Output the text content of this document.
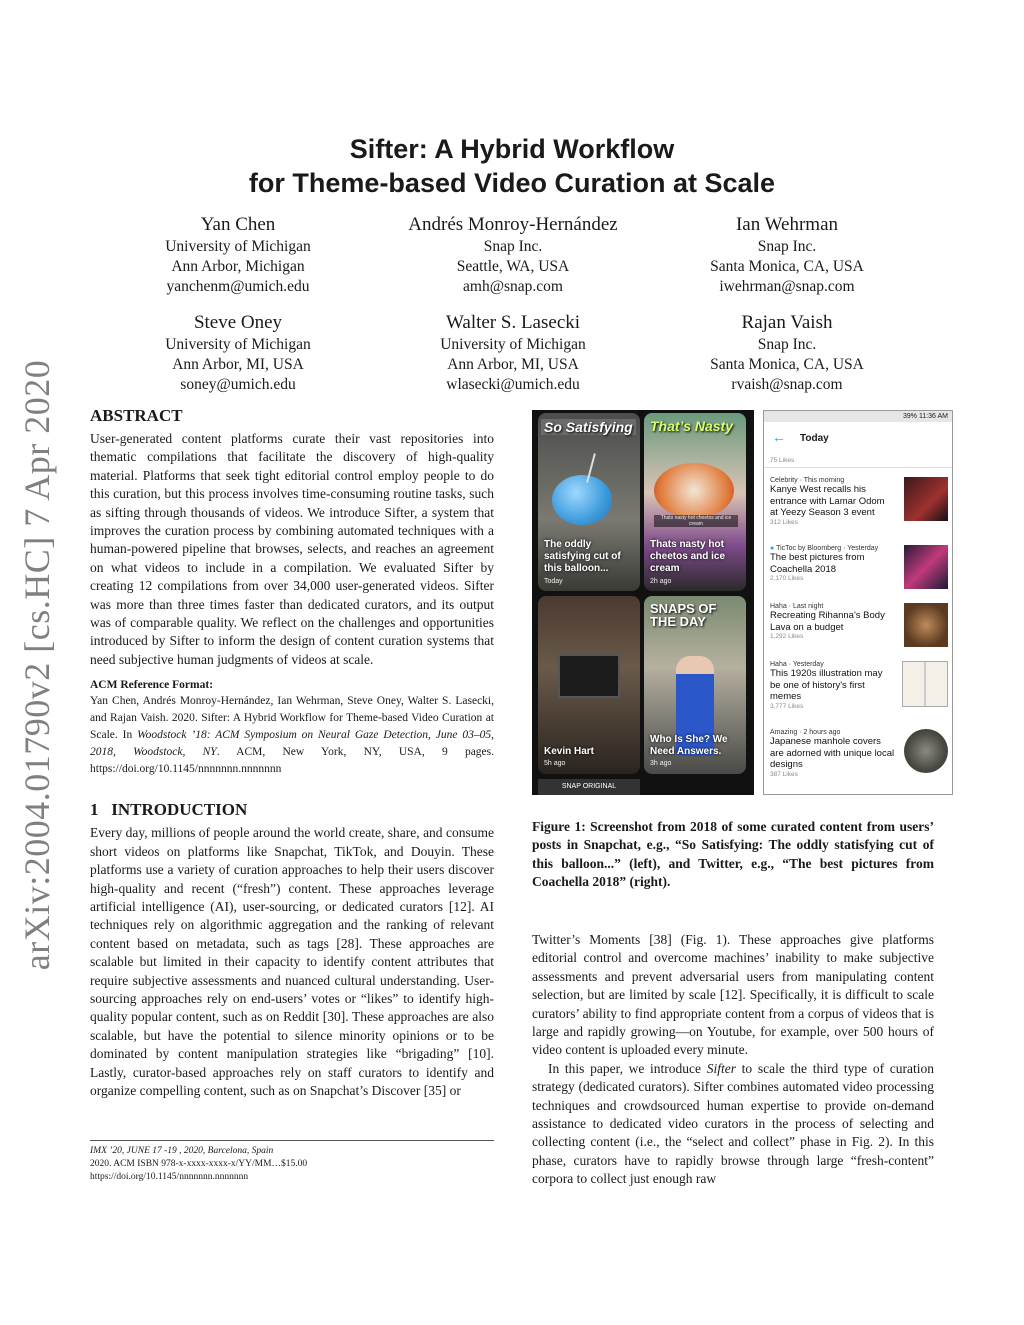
arXiv:2004.01790v2 [cs.HC] 7 Apr 2020
Sifter: A Hybrid Workflow
for Theme-based Video Curation at Scale
Yan Chen
University of Michigan
Ann Arbor, Michigan
yanchenm@umich.edu
Andrés Monroy-Hernández
Snap Inc.
Seattle, WA, USA
amh@snap.com
Ian Wehrman
Snap Inc.
Santa Monica, CA, USA
iwehrman@snap.com
Steve Oney
University of Michigan
Ann Arbor, MI, USA
soney@umich.edu
Walter S. Lasecki
University of Michigan
Ann Arbor, MI, USA
wlasecki@umich.edu
Rajan Vaish
Snap Inc.
Santa Monica, CA, USA
rvaish@snap.com
ABSTRACT
User-generated content platforms curate their vast repositories into thematic compilations that facilitate the discovery of high-quality material. Platforms that seek tight editorial control employ people to do this curation, but this process involves time-consuming routine tasks, such as sifting through thousands of videos. We introduce Sifter, a system that improves the curation process by combining automated techniques with a human-powered pipeline that browses, selects, and reaches an agreement on what videos to include in a compilation. We evaluated Sifter by creating 12 compilations from over 34,000 user-generated videos. Sifter was more than three times faster than dedicated curators, and its output was of comparable quality. We reflect on the challenges and opportunities introduced by Sifter to inform the design of content curation systems that need subjective human judgments of videos at scale.
ACM Reference Format:
Yan Chen, Andrés Monroy-Hernández, Ian Wehrman, Steve Oney, Walter S. Lasecki, and Rajan Vaish. 2020. Sifter: A Hybrid Workflow for Theme-based Video Curation at Scale. In Woodstock ’18: ACM Symposium on Neural Gaze Detection, June 03–05, 2018, Woodstock, NY. ACM, New York, NY, USA, 9 pages. https://doi.org/10.1145/nnnnnnn.nnnnnnn
1 INTRODUCTION
Every day, millions of people around the world create, share, and consume short videos on platforms like Snapchat, TikTok, and Douyin. These platforms use a variety of curation approaches to help their users discover high-quality and recent (“fresh”) content. These approaches leverage artificial intelligence (AI), user-sourcing, or dedicated curators [12]. AI techniques rely on algorithmic aggregation and the ranking of relevant content based on metadata, such as tags [28]. These approaches are scalable but limited in their capacity to identify content attributes that require subjective assessments and nuanced cultural understanding. User-sourcing approaches rely on end-users’ votes or “likes” to identify high-quality popular content, such as on Reddit [30]. These approaches are also scalable, but have the potential to silence minority opinions or to be dominated by content manipulation strategies like “brigading” [10]. Lastly, curator-based approaches rely on staff curators to identify and organize compelling content, such as on Snapchat’s Discover [35] or
IMX ’20, JUNE 17 -19 , 2020, Barcelona, Spain
2020. ACM ISBN 978-x-xxxx-xxxx-x/YY/MM…$15.00
https://doi.org/10.1145/nnnnnnn.nnnnnnn
So Satisfying
The oddly satisfying cut of this balloon...
Today
Thats nasty hot cheetos and ice cream
That’s Nasty
Thats nasty hot cheetos and ice cream
2h ago
Kevin Hart
5h ago
SNAPS OF THE DAY
Who Is She? We Need Answers.
3h ago
SNAP ORIGINAL
39% 11:36 AM
← Today
75 Likes
Celebrity · This morning
Kanye West recalls his entrance with Lamar Odom at Yeezy Season 3 event
312 Likes
● TicToc by Bloomberg · Yesterday
The best pictures from Coachella 2018
2,170 Likes
Haha · Last night
Recreating Rihanna's Body Lava on a budget
1,292 Likes
Haha · Yesterday
This 1920s illustration may be one of history's first memes
3,777 Likes
Amazing · 2 hours ago
Japanese manhole covers are adorned with unique local designs
387 Likes
Figure 1: Screenshot from 2018 of some curated content from users’ posts in Snapchat, e.g., “So Satisfying: The oddly statisfying cut of this balloon...” (left), and Twitter, e.g., “The best pictures from Coachella 2018” (right).
Twitter’s Moments [38] (Fig. 1). These approaches give platforms editorial control and overcome machines’ inability to make subjective assessments and prevent adversarial users from manipulating content selection, but are limited by scale [12]. Specifically, it is difficult to scale curators’ ability to find appropriate content from a corpus of videos that is large and rapidly growing—on Youtube, for example, over 500 hours of video content is uploaded every minute.
In this paper, we introduce Sifter to scale the third type of curation strategy (dedicated curators). Sifter combines automated video processing techniques and crowdsourced human expertise to provide on-demand assistance to dedicated video curators in the process of selecting and collecting content (i.e., the “select and collect” phase in Fig. 2). In this phase, curators have to rapidly browse through large “fresh-content” corpora to collect just enough raw
